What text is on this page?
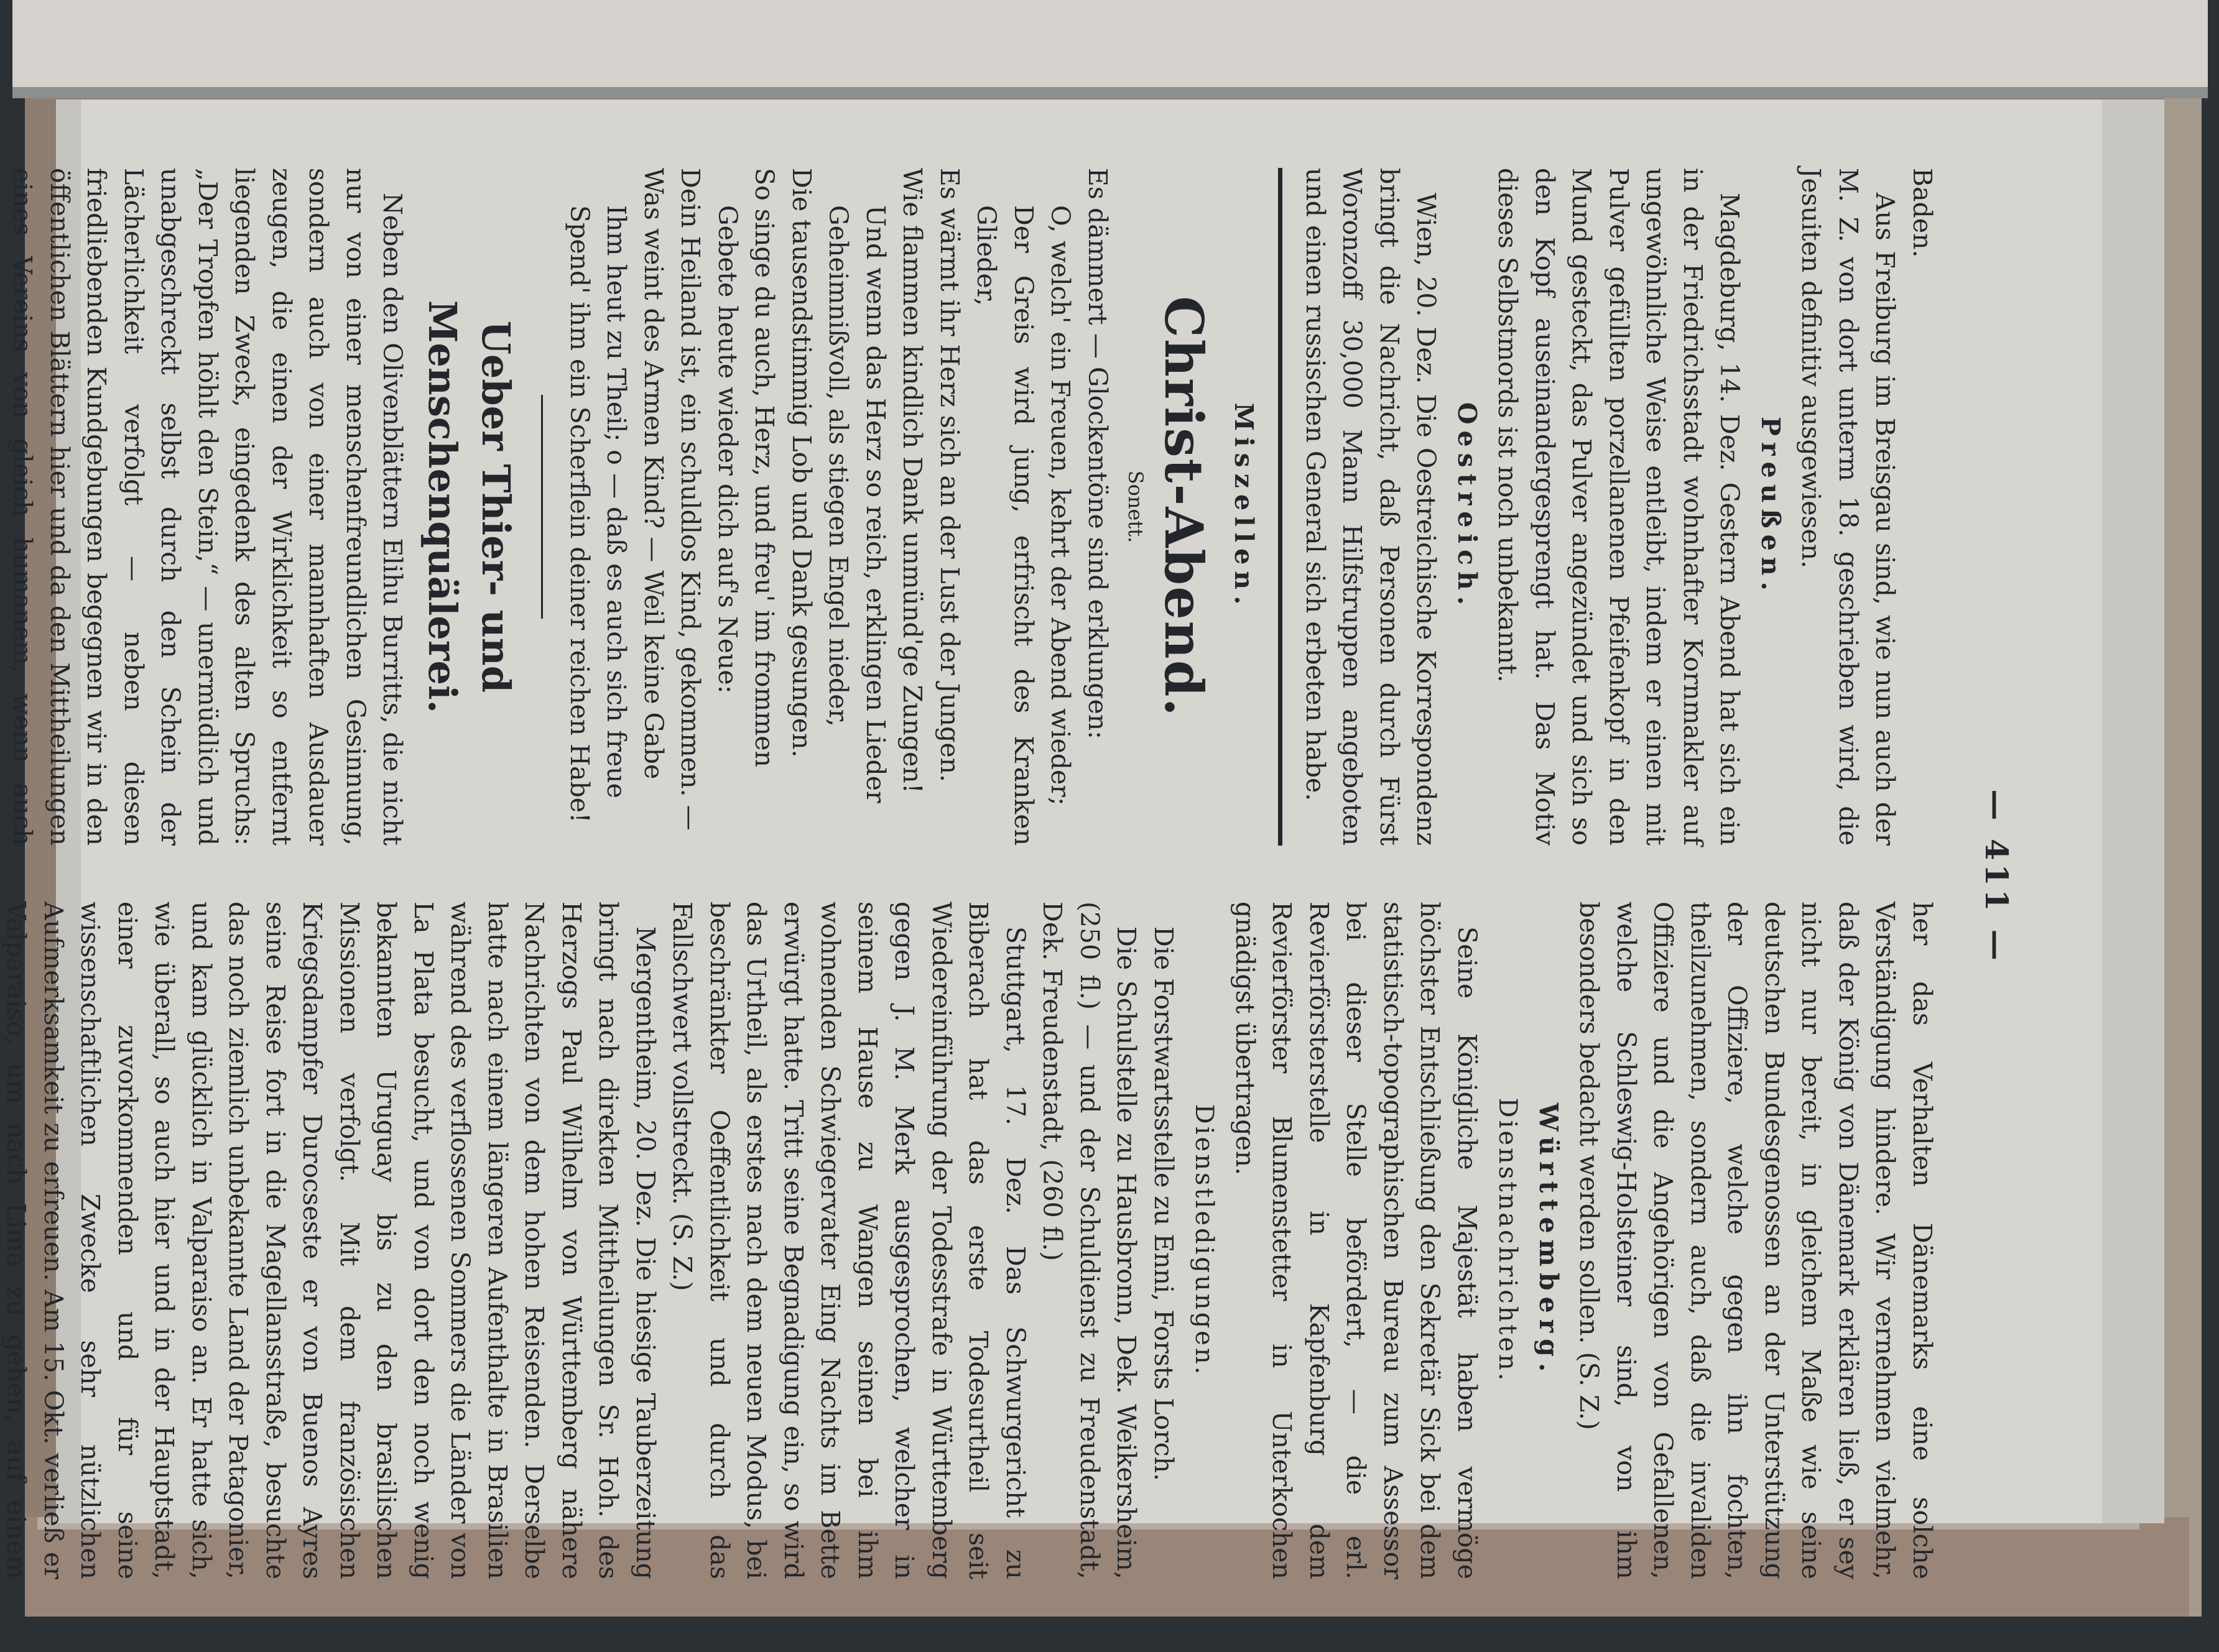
— 411 —

Baden.

Aus Freiburg im Breisgau sind, wie nun auch der M. Z. von dort unterm 18. geschrieben wird, die Jesuiten definitiv ausgewiesen.

Preußen.

Magdeburg, 14. Dez. Gestern Abend hat sich ein in der Friedrichsstadt wohnhafter Kornmakler auf ungewöhnliche Weise entleibt, indem er einen mit Pulver gefüllten porzellanenen Pfeifenkopf in den Mund gesteckt, das Pulver angezündet und sich so den Kopf auseinandergesprengt hat. Das Motiv dieses Selbstmords ist noch unbekannt.

Oestreich.

Wien, 20. Dez. Die Oestreichische Korrespondenz bringt die Nachricht, daß Personen durch Fürst Woronzoff 30,000 Mann Hilfstruppen angeboten und einen russischen General sich erbeten habe.

Miszellen.
Christ-Abend.
Sonett.

Es dämmert — Glockentöne sind erklungen:

O, welch' ein Freuen, kehrt der Abend wieder;

Der Greis wird jung, erfrischt des Kranken Glieder,

Es wärmt ihr Herz sich an der Lust der Jungen.

Wie flammen kindlich Dank unmünd'ge Zungen!

Und wenn das Herz so reich, erklingen Lieder

Geheimnißvoll, als stiegen Engel nieder,

Die tausendstimmig Lob und Dank gesungen.

So singe du auch, Herz, und freu' im frommen

Gebete heute wieder dich auf's Neue:

Dein Heiland ist, ein schuldlos Kind, gekommen. —

Was weint des Armen Kind? — Weil keine Gabe

Ihm heut zu Theil; o — daß es auch sich freue

Spend' ihm ein Scherflein deiner reichen Habe!

Ueber Thier- und Menschenquälerei.

Neben den Olivenblättern Elihu Burritts, die nicht nur von einer menschenfreundlichen Gesinnung, sondern auch von einer mannhaften Ausdauer zeugen, die einen der Wirklichkeit so entfernt liegenden Zweck, eingedenk des alten Spruchs: „Der Tropfen höhlt den Stein,“ — unermüdlich und unabgeschreckt selbst durch den Schein der Lächerlichkeit verfolgt — neben diesen friedliebenden Kundgebungen begegnen wir in den öffentlichen Blättern hier und da den Mittheilungen eines Vereins von gleich humanem, wenn auch

her das Verhalten Dänemarks eine solche Verständigung hindere. Wir vernehmen vielmehr, daß der König von Dänemark erklären ließ, er sey nicht nur bereit, in gleichem Maße wie seine deutschen Bundesgenossen an der Unterstützung der Offiziere, welche gegen ihn fochten, theilzunehmen, sondern auch, daß die invaliden Offiziere und die Angehörigen von Gefallenen, welche Schleswig-Holsteiner sind, von ihm besonders bedacht werden sollen. (S. Z.)

Württemberg.
Dienstnachrichten.

Seine Königliche Majestät haben vermöge höchster Entschließung den Sekretär Sick bei dem statistisch-topographischen Bureau zum Assessor bei dieser Stelle befördert, — die erl. Revierförsterstelle in Kapfenburg dem Revierförster Blumenstetter in Unterkochen gnädigst übertragen.

Dienstledigungen.

Die Forstwartsstelle zu Enni, Forsts Lorch.

Die Schulstelle zu Hausbronn, Dek. Weikersheim, (250 fl.) — und der Schuldienst zu Freudenstadt, Dek. Freudenstadt, (260 fl.)

Stuttgart, 17. Dez. Das Schwurgericht zu Biberach hat das erste Todesurtheil seit Wiedereinführung der Todesstrafe in Württemberg gegen J. M. Merk ausgesprochen, welcher in seinem Hause zu Wangen seinen bei ihm wohnenden Schwiegervater Eing Nachts im Bette erwürgt hatte. Tritt seine Begnadigung ein, so wird das Urtheil, als erstes nach dem neuen Modus, bei beschränkter Oeffentlichkeit und durch das Fallschwert vollstreckt. (S. Z.)

Mergentheim, 20. Dez. Die hiesige Tauberzeitung bringt nach direkten Mittheilungen Sr. Hoh. des Herzogs Paul Wilhelm von Württemberg nähere Nachrichten von dem hohen Reisenden. Derselbe hatte nach einem längeren Aufenthalte in Brasilien während des verflossenen Sommers die Länder von La Plata besucht, und von dort den noch wenig bekannten Uruguay bis zu den brasilischen Missionen verfolgt. Mit dem französischen Kriegsdampfer Durocseste er von Buenos Ayres seine Reise fort in die Magellansstraße, besuchte das noch ziemlich unbekannte Land der Patagonier, und kam glücklich in Valparaiso an. Er hatte sich, wie überall, so auch hier und in der Hauptstadt, einer zuvorkommenden und für seine wissenschaftlichen Zwecke sehr nützlichen Aufmerksamkeit zu erfreuen. Am 15. Okt. verließ er Valparaiso, um nach Lima zu gehen, auf einem
